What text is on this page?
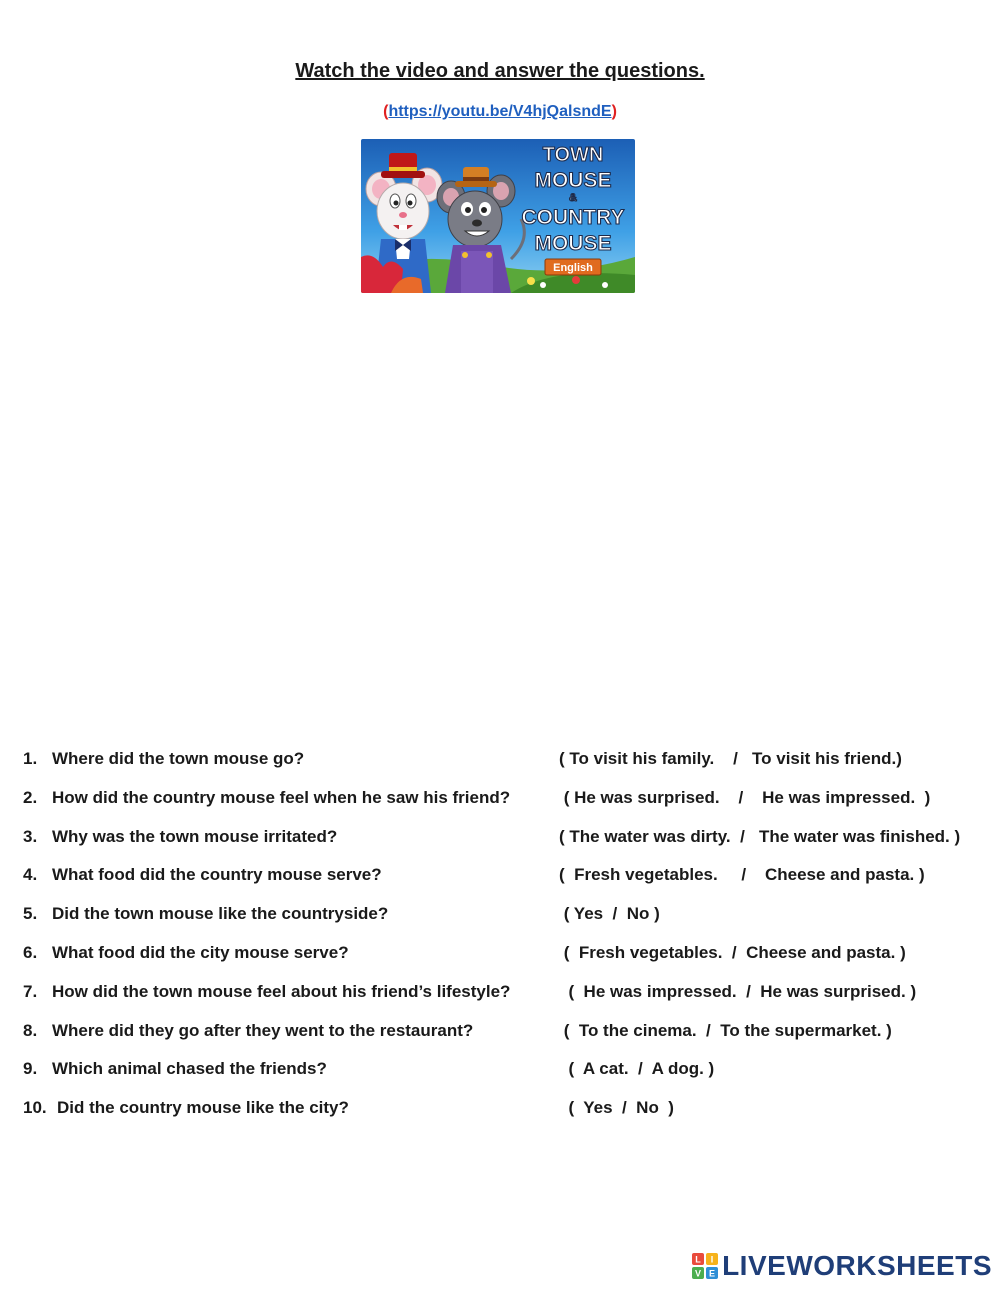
Watch the video and answer the questions.
(https://youtu.be/V4hjQalsndE)
TOWN
MOUSE
&
COUNTRY
MOUSE
English
1. Where did the town mouse go?	( To visit his family.    /   To visit his friend.)
2. How did the country mouse feel when he saw his friend?	( He was surprised.    /    He was impressed.  )
3. Why was the town mouse irritated?	( The water was dirty.  /   The water was finished. )
4. What food did the country mouse serve?	(  Fresh vegetables.     /    Cheese and pasta. )
5. Did the town mouse like the countryside?	( Yes  /  No )
6. What food did the city mouse serve?	(  Fresh vegetables.  /  Cheese and pasta. )
7. How did the town mouse feel about his friend’s lifestyle?	(  He was impressed.  /  He was surprised. )
8. Where did they go after they went to the restaurant?	(  To the cinema.  /  To the supermarket. )
9. Which animal chased the friends?	(  A cat.  /  A dog. )
10. Did the country mouse like the city?	(  Yes  /  No  )
L I
V E LIVEWORKSHEETS
